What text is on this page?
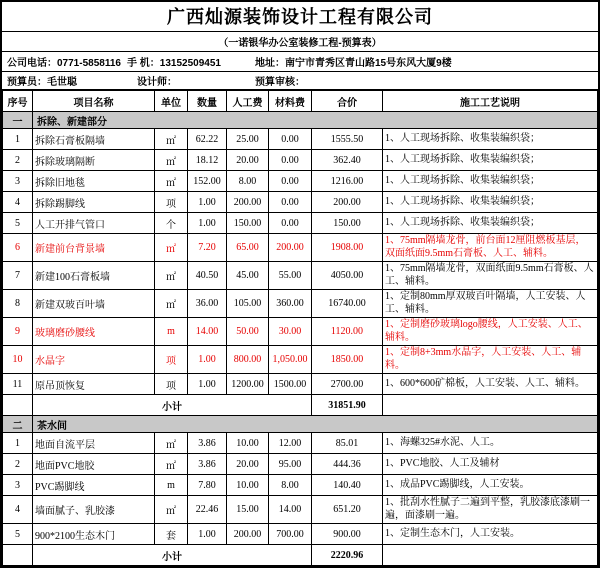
广西灿源装饰设计工程有限公司
（一诺银华办公室装修工程-预算表）
公司电话：0771-5858116 手 机：13152509451	地址：南宁市青秀区青山路15号东风大厦9楼
预算员：毛世聪	设计师：	预算审核：
序号	项目名称	单位	数量	人工费	材料费	合价	施工工艺说明
一	拆除、新建部分						
1	拆除石膏板隔墙	㎡	62.22	25.00	0.00	1555.50	1、人工现场拆除、收集装编织袋；
2	拆除玻璃隔断	㎡	18.12	20.00	0.00	362.40	1、人工现场拆除、收集装编织袋；
3	拆除旧地毯	㎡	152.00	8.00	0.00	1216.00	1、人工现场拆除、收集装编织袋；
4	拆除踢脚线	项	1.00	200.00	0.00	200.00	1、人工现场拆除、收集装编织袋；
5	人工开排气管口	个	1.00	150.00	0.00	150.00	1、人工现场拆除、收集装编织袋；
6	新建前台背景墙	㎡	7.20	65.00	200.00	1908.00	1、75mm隔墙龙骨，前台面12厘阻燃板基层，双面纸面9.5mm石膏板、人工、辅料。
7	新建100石膏板墙	㎡	40.50	45.00	55.00	4050.00	1、75mm隔墙龙骨，双面纸面9.5mm石膏板、人工、辅料。
8	新建双玻百叶墙	㎡	36.00	105.00	360.00	16740.00	1、定制80mm厚双玻百叶隔墙，人工安装、人工、辅料。
9	玻璃磨砂腰线	m	14.00	50.00	30.00	1120.00	1、定制磨砂玻璃logo腰线，人工安装、人工、辅料。
10	水晶字	项	1.00	800.00	1,050.00	1850.00	1、定制8+3mm水晶字，人工安装、人工、辅料。
11	原吊顶恢复	项	1.00	1200.00	1500.00	2700.00	1、600*600矿棉板，人工安装、人工、辅料。
	小计					31851.90	
二	茶水间						
1	地面自流平层	㎡	3.86	10.00	12.00	85.01	1、海螺325#水泥、人工。
2	地面PVC地胶	㎡	3.86	20.00	95.00	444.36	1、PVC地胶、人工及辅材
3	PVC踢脚线	m	7.80	10.00	8.00	140.40	1、成品PVC踢脚线，人工安装。
4	墙面腻子、乳胶漆	㎡	22.46	15.00	14.00	651.20	1、批刮水性腻子二遍到平整，乳胶漆底漆刷一遍，面漆刷一遍。
5	900*2100生态木门	套	1.00	200.00	700.00	900.00	1、定制生态木门，人工安装。
	小计					2220.96	
